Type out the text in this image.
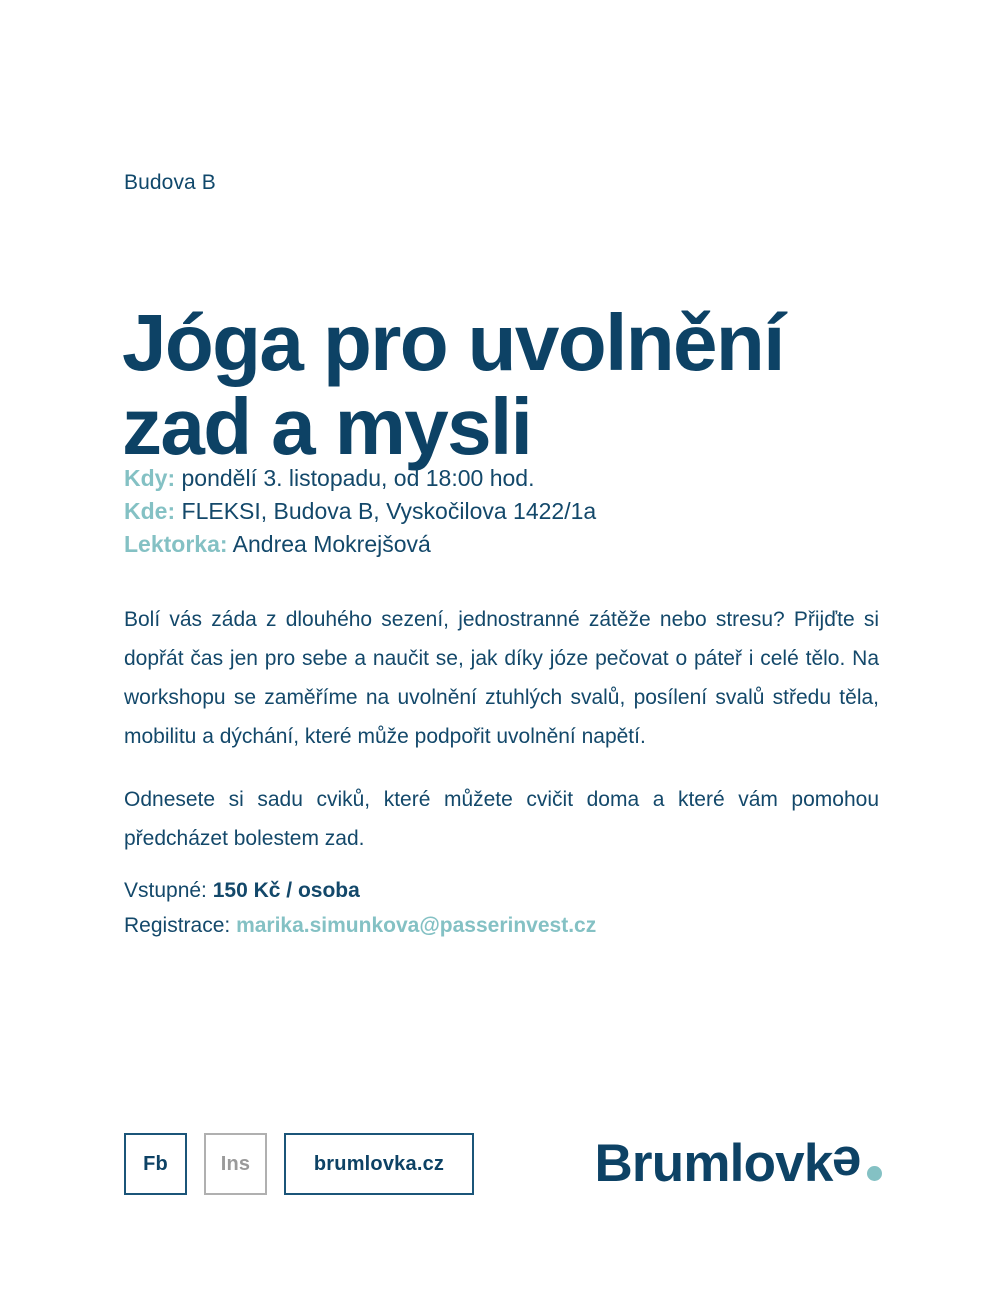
Budova B
Jóga pro uvolnění
zad a mysli
Kdy: pondělí 3. listopadu, od 18:00 hod.
Kde: FLEKSI, Budova B, Vyskočilova 1422/1a
Lektorka: Andrea Mokrejšová

Bolí vás záda z dlouhého sezení, jednostranné zátěže nebo stresu? Přijďte si dopřát čas jen pro sebe a naučit se, jak díky józe pečovat o páteř i celé tělo. Na workshopu se zaměříme na uvolnění ztuhlých svalů, posílení svalů středu těla, mobilitu a dýchání, které může podpořit uvolnění napětí.

Odnesete si sadu cviků, které můžete cvičit doma a které vám pomohou předcházet bolestem zad.

Vstupné: 150 Kč / osoba
Registrace: marika.simunkova@passerinvest.cz
Fb	Ins	brumlovka.cz	Brumlovk e
